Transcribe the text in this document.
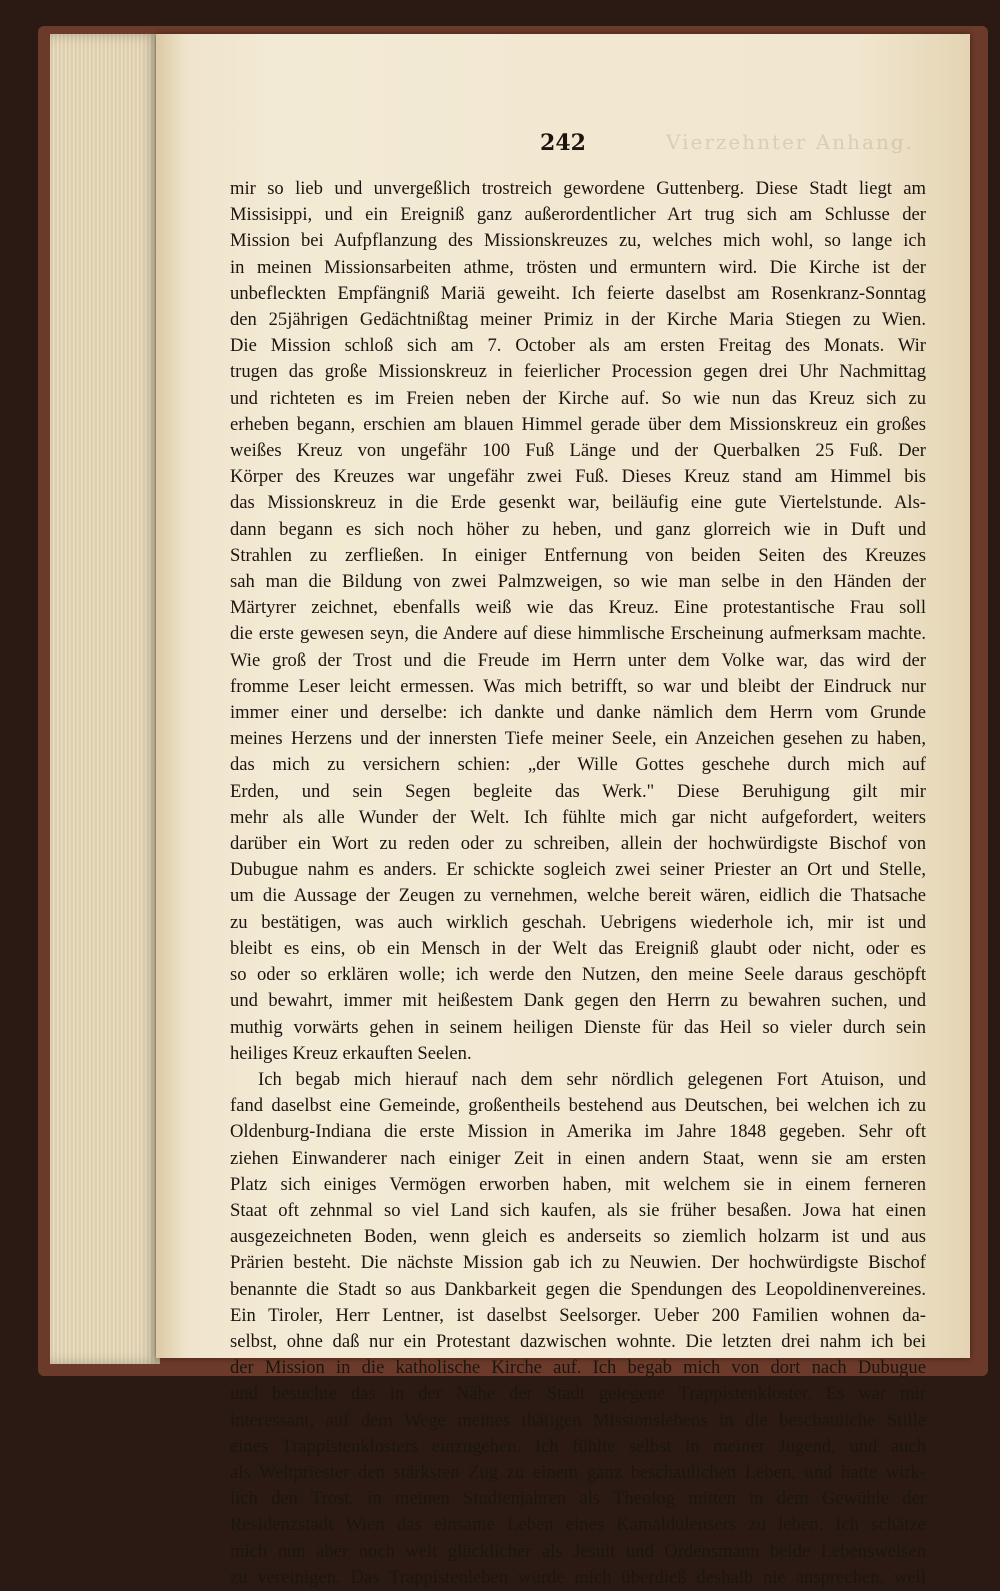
Vierzehnter Anhang.
242
mir so lieb und unvergeßlich trostreich gewordene Guttenberg. Diese Stadt liegt am
Missisippi, und ein Ereigniß ganz außerordentlicher Art trug sich am Schlusse der
Mission bei Aufpflanzung des Missionskreuzes zu, welches mich wohl, so lange ich
in meinen Missionsarbeiten athme, trösten und ermuntern wird. Die Kirche ist der
unbefleckten Empfängniß Mariä geweiht. Ich feierte daselbst am Rosenkranz-Sonntag
den 25jährigen Gedächtnißtag meiner Primiz in der Kirche Maria Stiegen zu Wien.
Die Mission schloß sich am 7. October als am ersten Freitag des Monats. Wir
trugen das große Missionskreuz in feierlicher Procession gegen drei Uhr Nachmittag
und richteten es im Freien neben der Kirche auf. So wie nun das Kreuz sich zu
erheben begann, erschien am blauen Himmel gerade über dem Missionskreuz ein großes
weißes Kreuz von ungefähr 100 Fuß Länge und der Querbalken 25 Fuß. Der
Körper des Kreuzes war ungefähr zwei Fuß. Dieses Kreuz stand am Himmel bis
das Missionskreuz in die Erde gesenkt war, beiläufig eine gute Viertelstunde. Als-
dann begann es sich noch höher zu heben, und ganz glorreich wie in Duft und
Strahlen zu zerfließen. In einiger Entfernung von beiden Seiten des Kreuzes
sah man die Bildung von zwei Palmzweigen, so wie man selbe in den Händen der
Märtyrer zeichnet, ebenfalls weiß wie das Kreuz. Eine protestantische Frau soll
die erste gewesen seyn, die Andere auf diese himmlische Erscheinung aufmerksam machte.
Wie groß der Trost und die Freude im Herrn unter dem Volke war, das wird der
fromme Leser leicht ermessen. Was mich betrifft, so war und bleibt der Eindruck nur
immer einer und derselbe: ich dankte und danke nämlich dem Herrn vom Grunde
meines Herzens und der innersten Tiefe meiner Seele, ein Anzeichen gesehen zu haben,
das mich zu versichern schien: „der Wille Gottes geschehe durch mich auf
Erden, und sein Segen begleite das Werk." Diese Beruhigung gilt mir
mehr als alle Wunder der Welt. Ich fühlte mich gar nicht aufgefordert, weiters
darüber ein Wort zu reden oder zu schreiben, allein der hochwürdigste Bischof von
Dubugue nahm es anders. Er schickte sogleich zwei seiner Priester an Ort und Stelle,
um die Aussage der Zeugen zu vernehmen, welche bereit wären, eidlich die Thatsache
zu bestätigen, was auch wirklich geschah. Uebrigens wiederhole ich, mir ist und
bleibt es eins, ob ein Mensch in der Welt das Ereigniß glaubt oder nicht, oder es
so oder so erklären wolle; ich werde den Nutzen, den meine Seele daraus geschöpft
und bewahrt, immer mit heißestem Dank gegen den Herrn zu bewahren suchen, und
muthig vorwärts gehen in seinem heiligen Dienste für das Heil so vieler durch sein
heiliges Kreuz erkauften Seelen.
Ich begab mich hierauf nach dem sehr nördlich gelegenen Fort Atuison, und
fand daselbst eine Gemeinde, großentheils bestehend aus Deutschen, bei welchen ich zu
Oldenburg-Indiana die erste Mission in Amerika im Jahre 1848 gegeben. Sehr oft
ziehen Einwanderer nach einiger Zeit in einen andern Staat, wenn sie am ersten
Platz sich einiges Vermögen erworben haben, mit welchem sie in einem ferneren
Staat oft zehnmal so viel Land sich kaufen, als sie früher besaßen. Jowa hat einen
ausgezeichneten Boden, wenn gleich es anderseits so ziemlich holzarm ist und aus
Prärien besteht. Die nächste Mission gab ich zu Neuwien. Der hochwürdigste Bischof
benannte die Stadt so aus Dankbarkeit gegen die Spendungen des Leopoldinenvereines.
Ein Tiroler, Herr Lentner, ist daselbst Seelsorger. Ueber 200 Familien wohnen da-
selbst, ohne daß nur ein Protestant dazwischen wohnte. Die letzten drei nahm ich bei
der Mission in die katholische Kirche auf. Ich begab mich von dort nach Dubugue
und besuchte das in der Nähe der Stadt gelegene Trappistenkloster. Es war mir
interessant, auf dem Wege meines thätigen Missionslebens in die beschauliche Stille
eines Trappistenklosters einzugehen. Ich fühlte selbst in meiner Jugend, und auch
als Weltpriester den stärksten Zug zu einem ganz beschaulichen Leben, und hatte wirk-
lich den Trost, in meinen Studienjahren als Theolog mitten in dem Gewühle der
Residenzstadt Wien das einsame Leben eines Kamaldulensers zu leben. Ich schätze
mich nun aber noch weit glücklicher als Jesuit und Ordensmann beide Lebensweisen
zu vereinigen. Das Trappistenleben würde mich überdieß deshalb nie ansprechen, weil
